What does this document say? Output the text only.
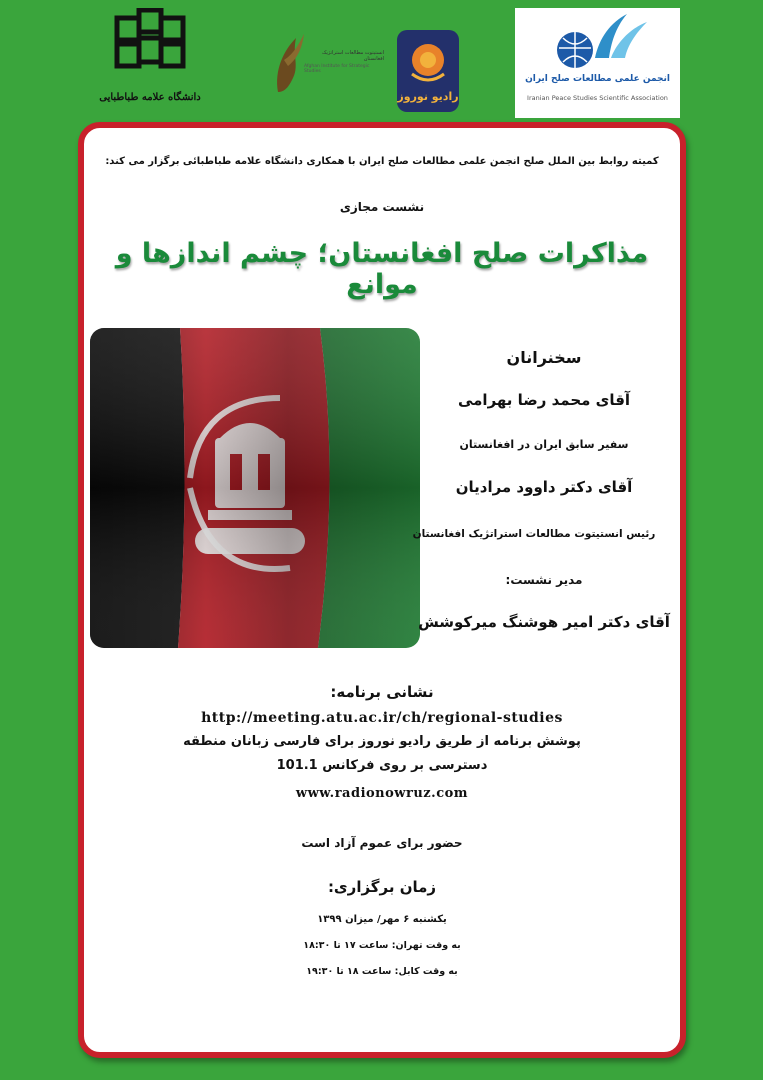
دانشگاه علامه طباطبایی
انستیتوت مطالعات استراتژیک افغانستان
Afghan Institute for Strategic Studies
رادیو نوروز
انجمن علمی مطالعات صلح ایران
Iranian Peace Studies Scientific Association
کمیته روابط بین الملل صلح انجمن علمی مطالعات صلح ایران با همکاری دانشگاه علامه طباطبائی برگزار می کند:
نشست مجازی
مذاکرات صلح افغانستان؛ چشم اندازها و موانع
سخنرانان
آقای محمد رضا بهرامی
سفیر سابق ایران در افغانستان
آقای دکتر داوود مرادیان
رئیس انستیتوت مطالعات استراتژیک افغانستان
مدیر نشست:
آقای دکتر امیر هوشنگ میرکوشش
نشانی برنامه:
http://meeting.atu.ac.ir/ch/regional-studies
پوشش برنامه از طریق رادیو نوروز برای فارسی زبانان منطقه
دسترسی بر روی فرکانس 101.1
www.radionowruz.com
حضور برای عموم آزاد است
زمان برگزاری:
یکشنبه ۶ مهر/ میزان ۱۳۹۹
به وقت تهران: ساعت ۱۷ تا ۱۸:۳۰
به وقت کابل: ساعت ۱۸ تا ۱۹:۳۰
